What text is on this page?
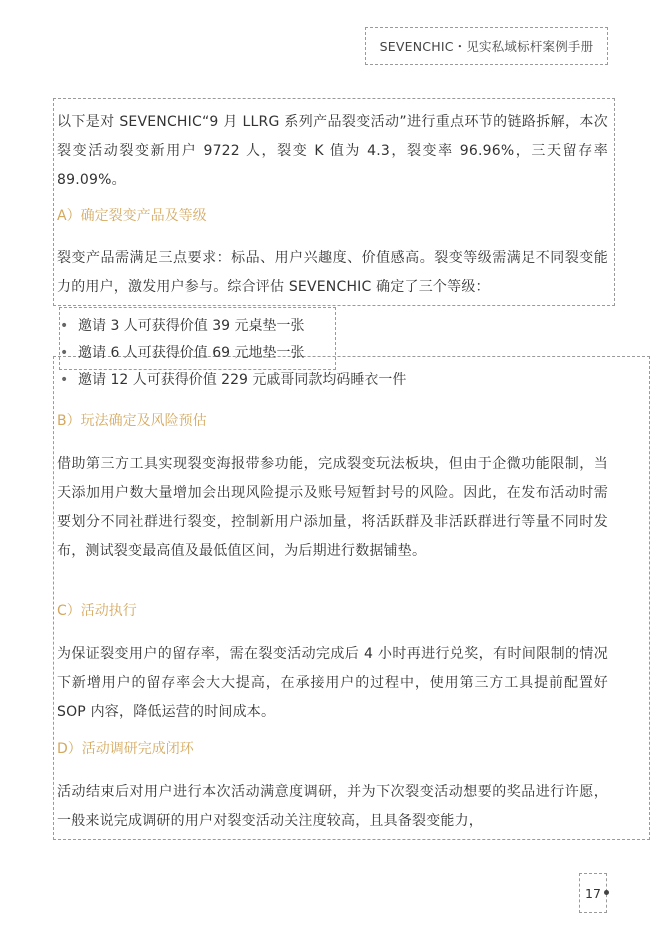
SEVENCHIC・见实私域标杆案例手册

以下是对 SEVENCHIC“9 月 LLRG 系列产品裂变活动”进行重点环节的链路拆解，本次裂变活动裂变新用户 9722 人，裂变 K 值为 4.3，裂变率 96.96%，三天留存率 89.09%。

A）确定裂变产品及等级

裂变产品需满足三点要求：标品、用户兴趣度、价值感高。裂变等级需满足不同裂变能力的用户，激发用户参与。综合评估 SEVENCHIC 确定了三个等级：

• 邀请 3 人可获得价值 39 元桌垫一张

• 邀请 6 人可获得价值 69 元地垫一张

• 邀请 12 人可获得价值 229 元戚哥同款均码睡衣一件

B）玩法确定及风险预估

借助第三方工具实现裂变海报带参功能，完成裂变玩法板块，但由于企微功能限制，当天添加用户数大量增加会出现风险提示及账号短暂封号的风险。因此，在发布活动时需要划分不同社群进行裂变，控制新用户添加量，将活跃群及非活跃群进行等量不同时发布，测试裂变最高值及最低值区间，为后期进行数据铺垫。

C）活动执行

为保证裂变用户的留存率，需在裂变活动完成后 4 小时再进行兑奖，有时间限制的情况下新增用户的留存率会大大提高，在承接用户的过程中，使用第三方工具提前配置好 SOP 内容，降低运营的时间成本。

D）活动调研完成闭环

活动结束后对用户进行本次活动满意度调研，并为下次裂变活动想要的奖品进行许愿，一般来说完成调研的用户对裂变活动关注度较高，且具备裂变能力，

17
